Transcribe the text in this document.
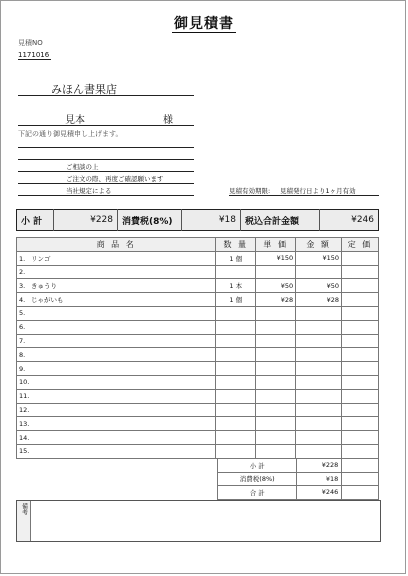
御見積書
見積NO
1171016
みほん書果店
見本	様
下記の通り御見積申し上げます。
ご相談の上
ご注文の際、再度ご確認願います
当社規定による	見積有効期限: 見積発行日より1ヶ月有効
小 計	¥228	消費税(8%)	¥18	税込合計金額	¥246
商 品 名	数 量	単 価	金 額	定 価
1. リンゴ	1 個	¥150	¥150	
2.				
3. きゅうり	1 本	¥50	¥50	
4. じゃがいも	1 個	¥28	¥28	
5.				
6.				
7.				
8.				
9.				
10.				
11.				
12.				
13.				
14.				
15.				
小 計	¥228	
消費税(8%)	¥18	
合 計	¥246	
備考
